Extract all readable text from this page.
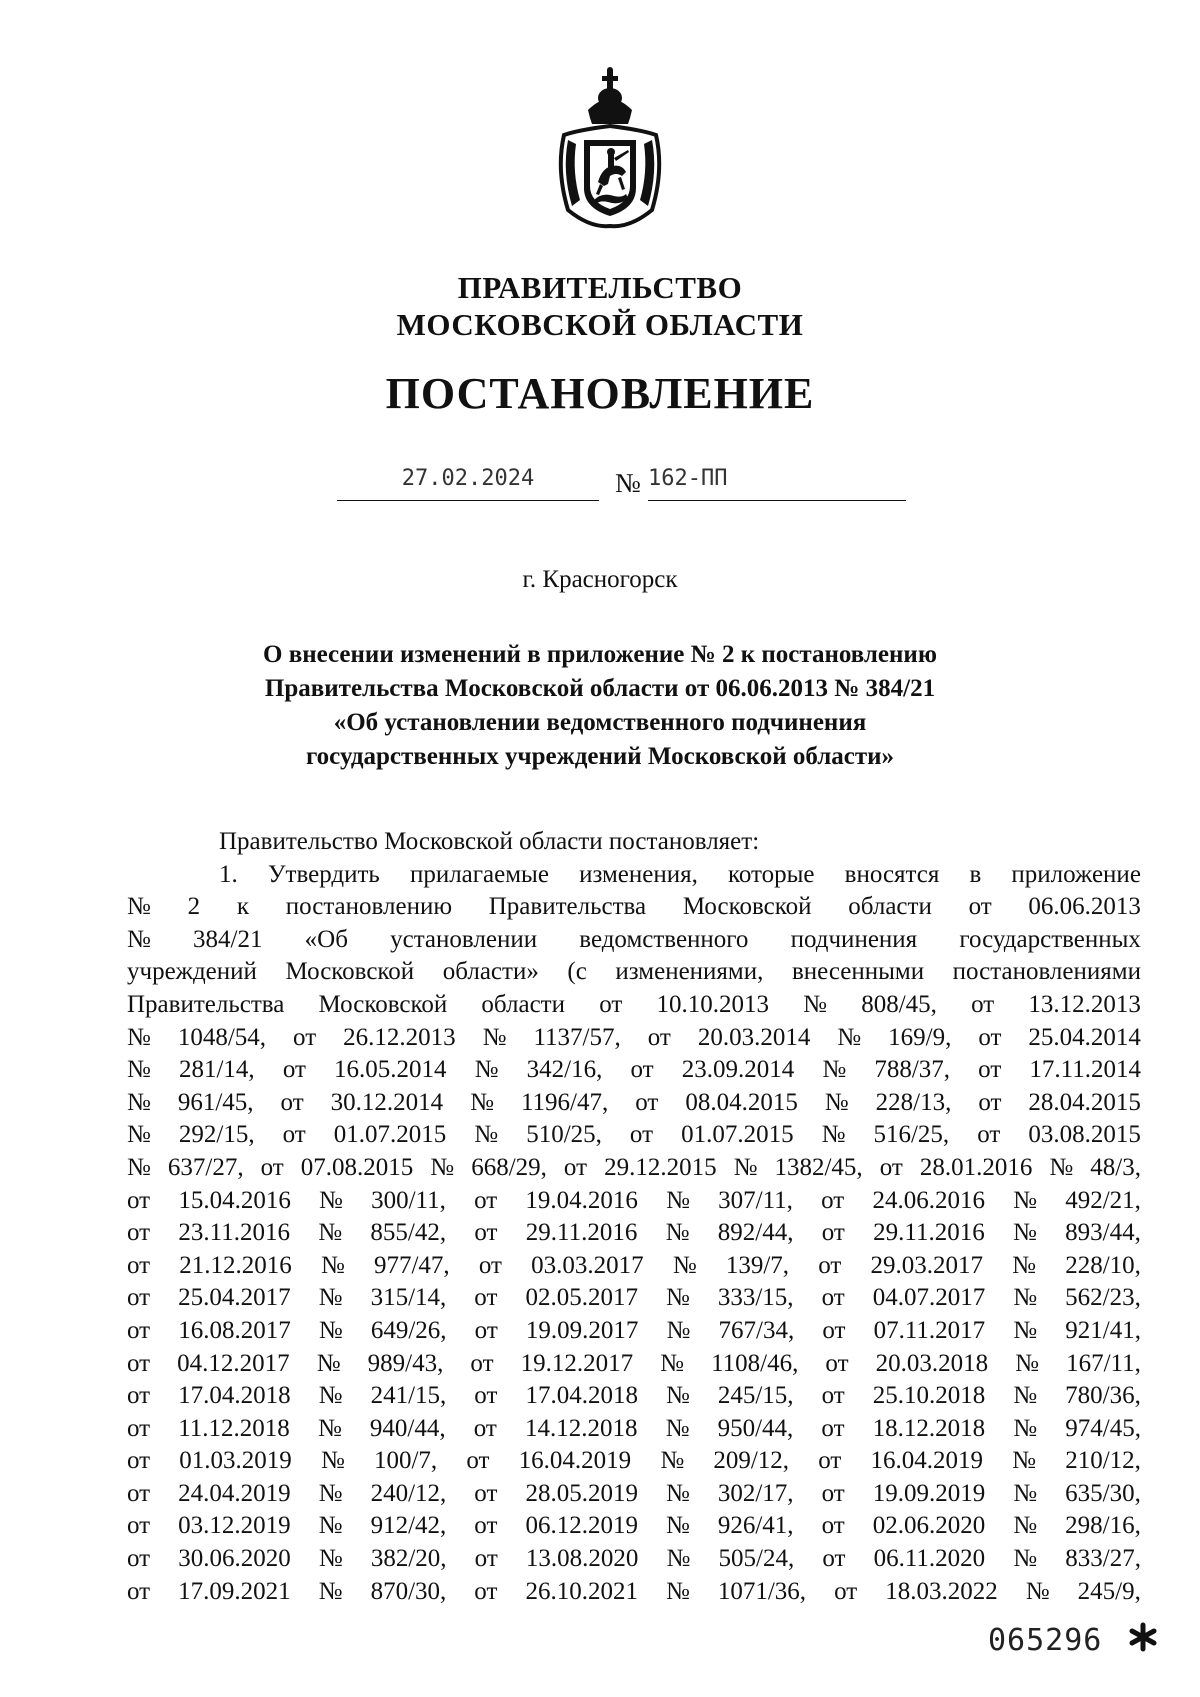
ПРАВИТЕЛЬСТВО
МОСКОВСКОЙ ОБЛАСТИ
ПОСТАНОВЛЕНИЕ
27.02.2024	№ 162-ПП
г. Красногорск
О внесении изменений в приложение № 2 к постановлению
Правительства Московской области от 06.06.2013 № 384/21
«Об установлении ведомственного подчинения
государственных учреждений Московской области»

Правительство Московской области постановляет:

1. Утвердить прилагаемые изменения, которые вносятся в приложение
№ 2 к постановлению Правительства Московской области от 06.06.2013
№ 384/21 «Об установлении ведомственного подчинения государственных
учреждений Московской области» (с изменениями, внесенными постановлениями
Правительства Московской области от 10.10.2013 № 808/45, от 13.12.2013
№ 1048/54, от 26.12.2013 № 1137/57, от 20.03.2014 № 169/9, от 25.04.2014
№ 281/14, от 16.05.2014 № 342/16, от 23.09.2014 № 788/37, от 17.11.2014
№ 961/45, от 30.12.2014 № 1196/47, от 08.04.2015 № 228/13, от 28.04.2015
№ 292/15, от 01.07.2015 № 510/25, от 01.07.2015 № 516/25, от 03.08.2015
№ 637/27, от 07.08.2015 № 668/29, от 29.12.2015 № 1382/45, от 28.01.2016 № 48/3,
от 15.04.2016 № 300/11, от 19.04.2016 № 307/11, от 24.06.2016 № 492/21,
от 23.11.2016 № 855/42, от 29.11.2016 № 892/44, от 29.11.2016 № 893/44,
от 21.12.2016 № 977/47, от 03.03.2017 № 139/7, от 29.03.2017 № 228/10,
от 25.04.2017 № 315/14, от 02.05.2017 № 333/15, от 04.07.2017 № 562/23,
от 16.08.2017 № 649/26, от 19.09.2017 № 767/34, от 07.11.2017 № 921/41,
от 04.12.2017 № 989/43, от 19.12.2017 № 1108/46, от 20.03.2018 № 167/11,
от 17.04.2018 № 241/15, от 17.04.2018 № 245/15, от 25.10.2018 № 780/36,
от 11.12.2018 № 940/44, от 14.12.2018 № 950/44, от 18.12.2018 № 974/45,
от 01.03.2019 № 100/7, от 16.04.2019 № 209/12, от 16.04.2019 № 210/12,
от 24.04.2019 № 240/12, от 28.05.2019 № 302/17, от 19.09.2019 № 635/30,
от 03.12.2019 № 912/42, от 06.12.2019 № 926/41, от 02.06.2020 № 298/16,
от 30.06.2020 № 382/20, от 13.08.2020 № 505/24, от 06.11.2020 № 833/27,
от 17.09.2021 № 870/30, от 26.10.2021 № 1071/36, от 18.03.2022 № 245/9,
065296
